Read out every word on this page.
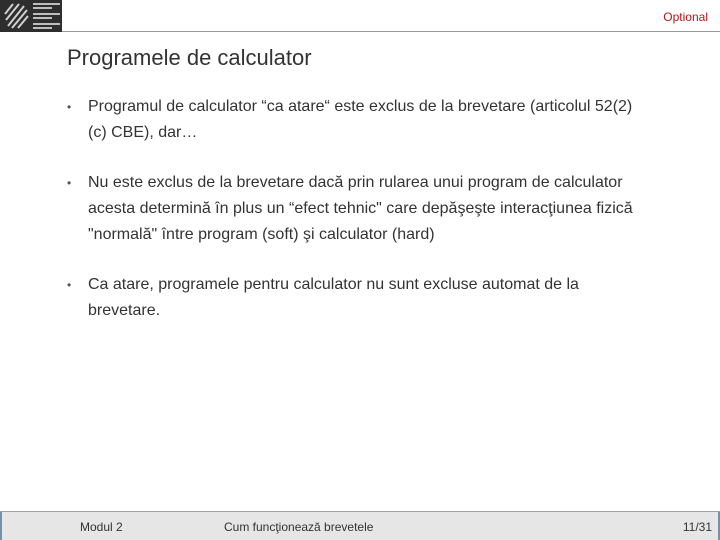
Optional
Programele de calculator
• Programul de calculator “ca atare“ este exclus de la brevetare (articolul 52(2)(c) CBE), dar…
• Nu este exclus de la brevetare dacă prin rularea unui program de calculator acesta determină în plus un “efect tehnic" care depăşeşte interacţiunea fizică "normală" între program (soft) şi calculator (hard)
• Ca atare, programele pentru calculator nu sunt excluse automat de la brevetare.
Modul 2	Cum funcţionează brevetele	11/31
